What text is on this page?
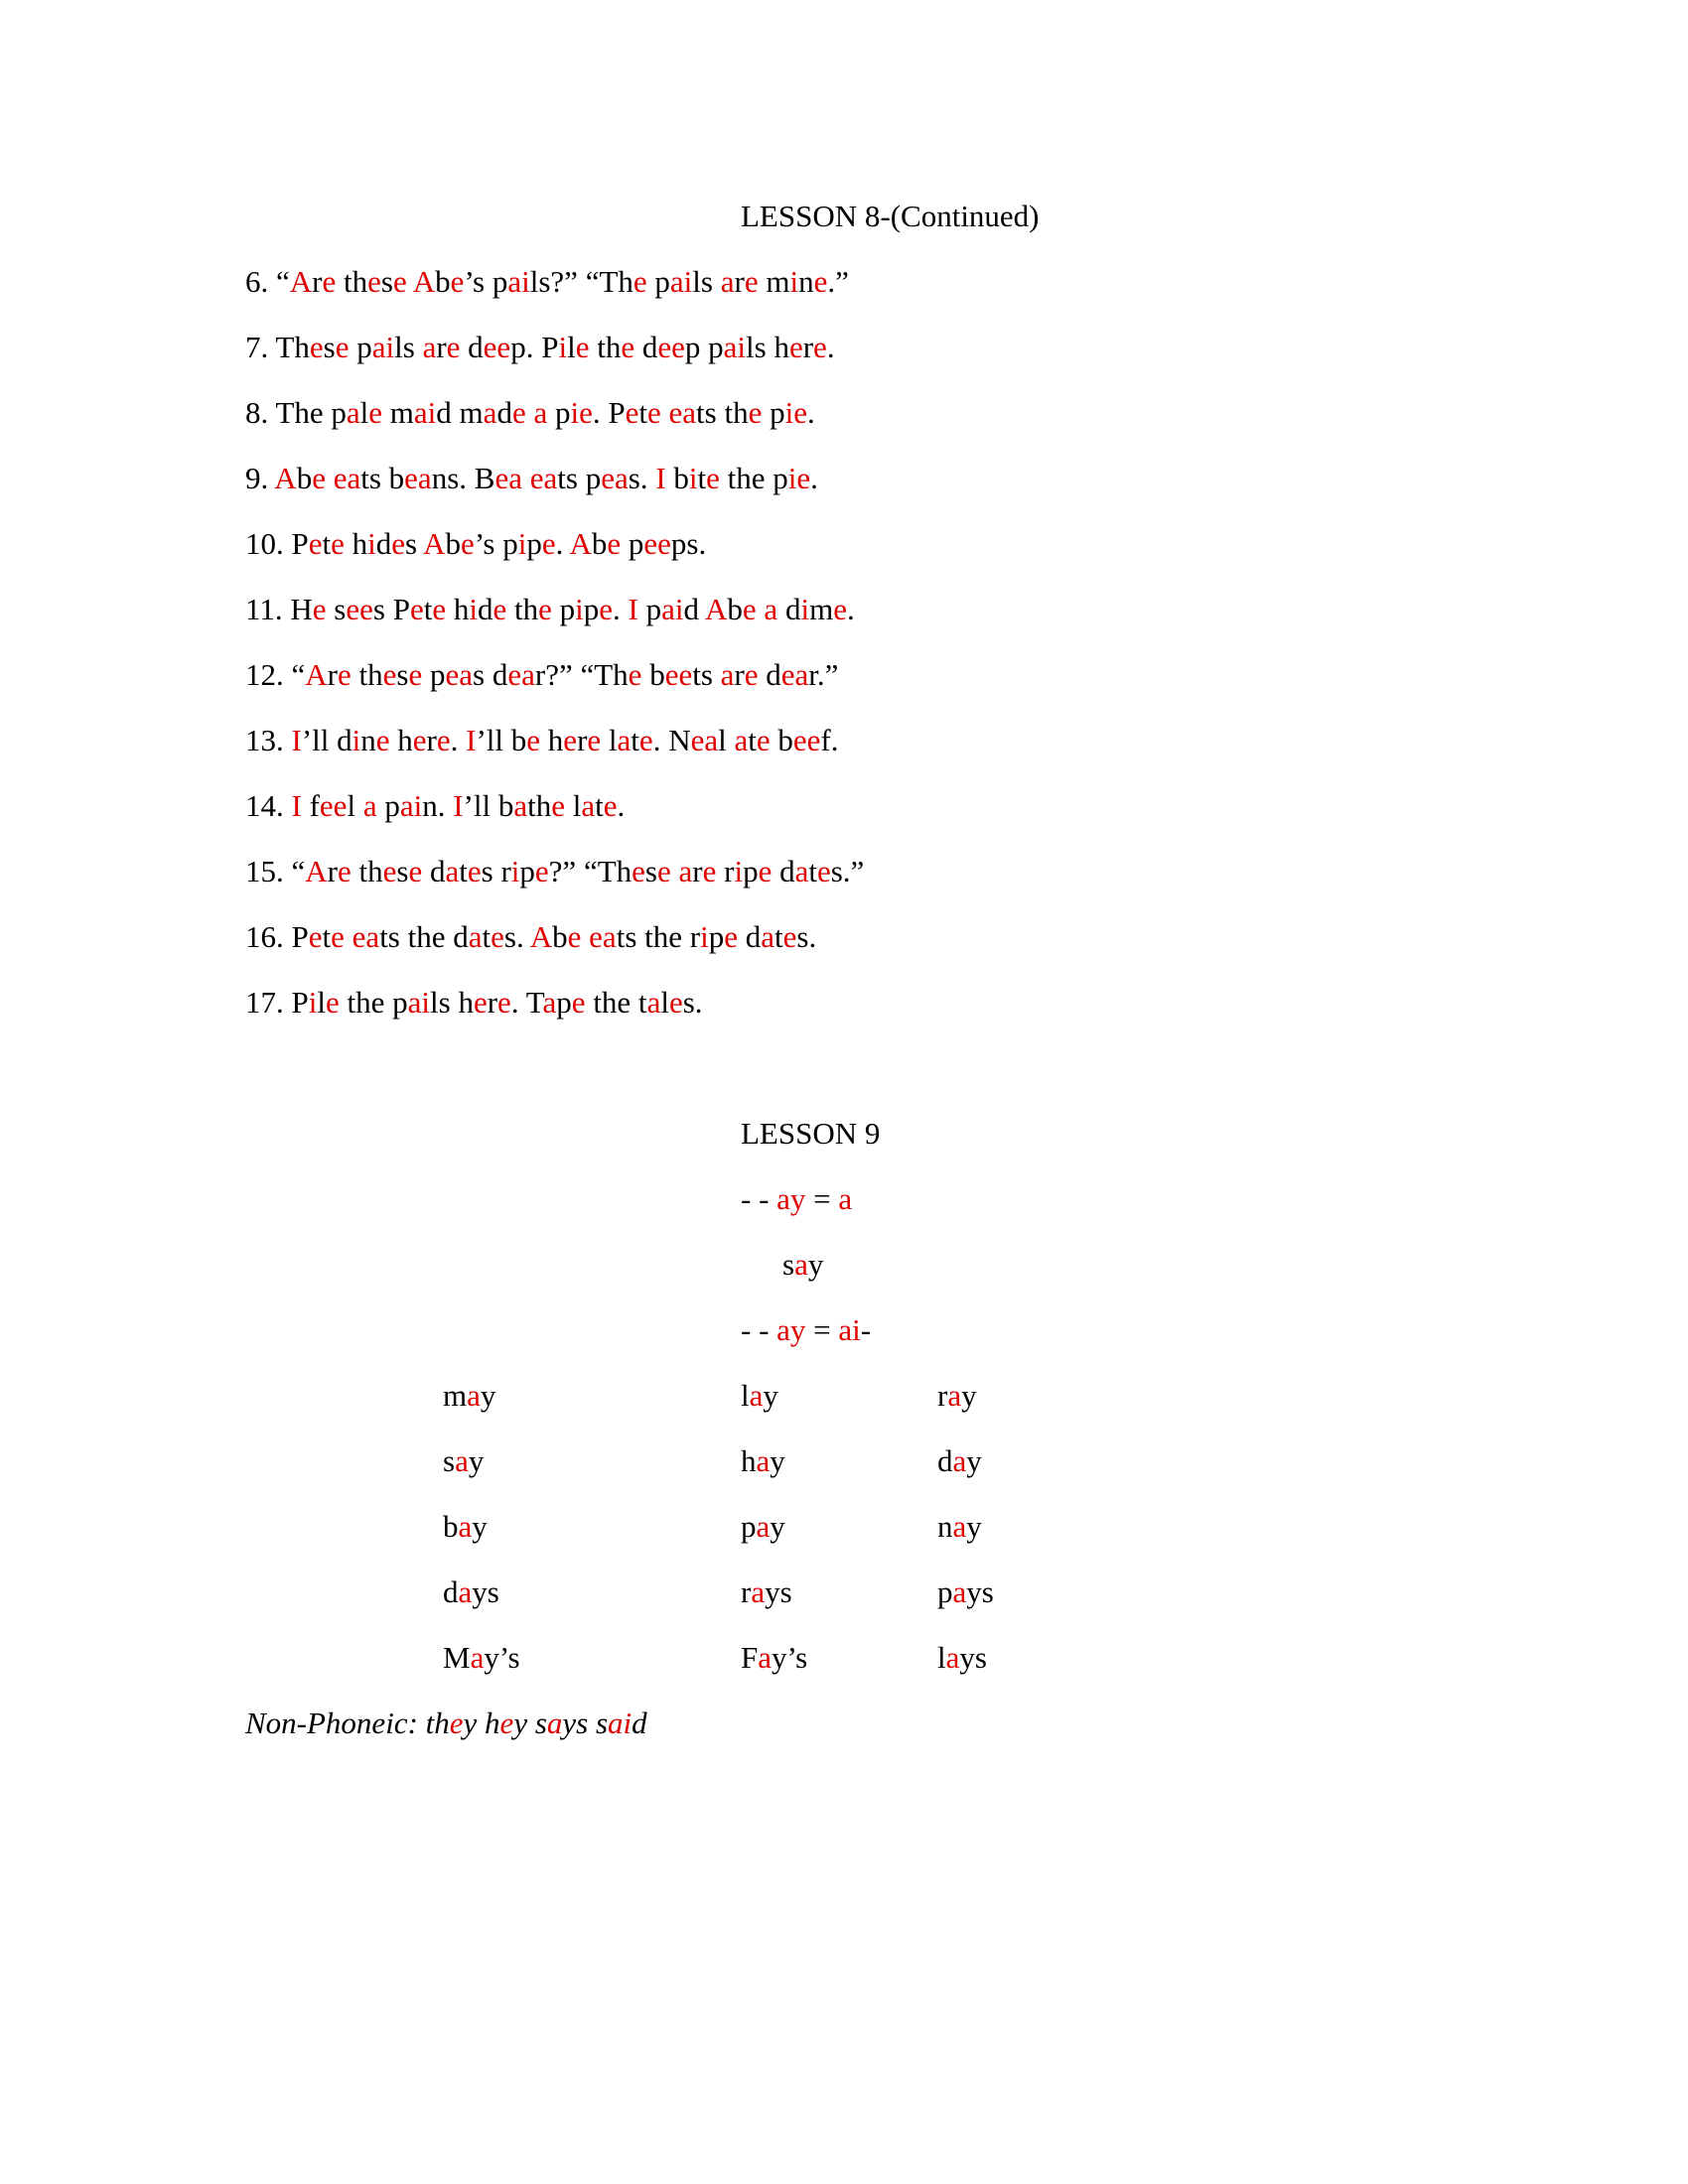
LESSON 8-(Continued)
6. “Are these Abe’s pails?” “The pails are mine.”
7. These pails are deep. Pile the deep pails here.
8. The pale maid made a pie. Pete eats the pie.
9. Abe eats beans. Bea eats peas. I bite the pie.
10. Pete hides Abe’s pipe. Abe peeps.
11. He sees Pete hide the pipe. I paid Abe a dime.
12. “Are these peas dear?” “The beets are dear.”
13. I’ll dine here. I’ll be here late. Neal ate beef.
14. I feel a pain. I’ll bathe late.
15. “Are these dates ripe?” “These are ripe dates.”
16. Pete eats the dates. Abe eats the ripe dates.
17. Pile the pails here. Tape the tales.
LESSON 9
- - ay = a
say
- - ay = ai-
may	lay	ray
say	hay	day
bay	pay	nay
days	rays	pays
May’s	Fay’s	lays
Non-Phoneic: they hey says said
